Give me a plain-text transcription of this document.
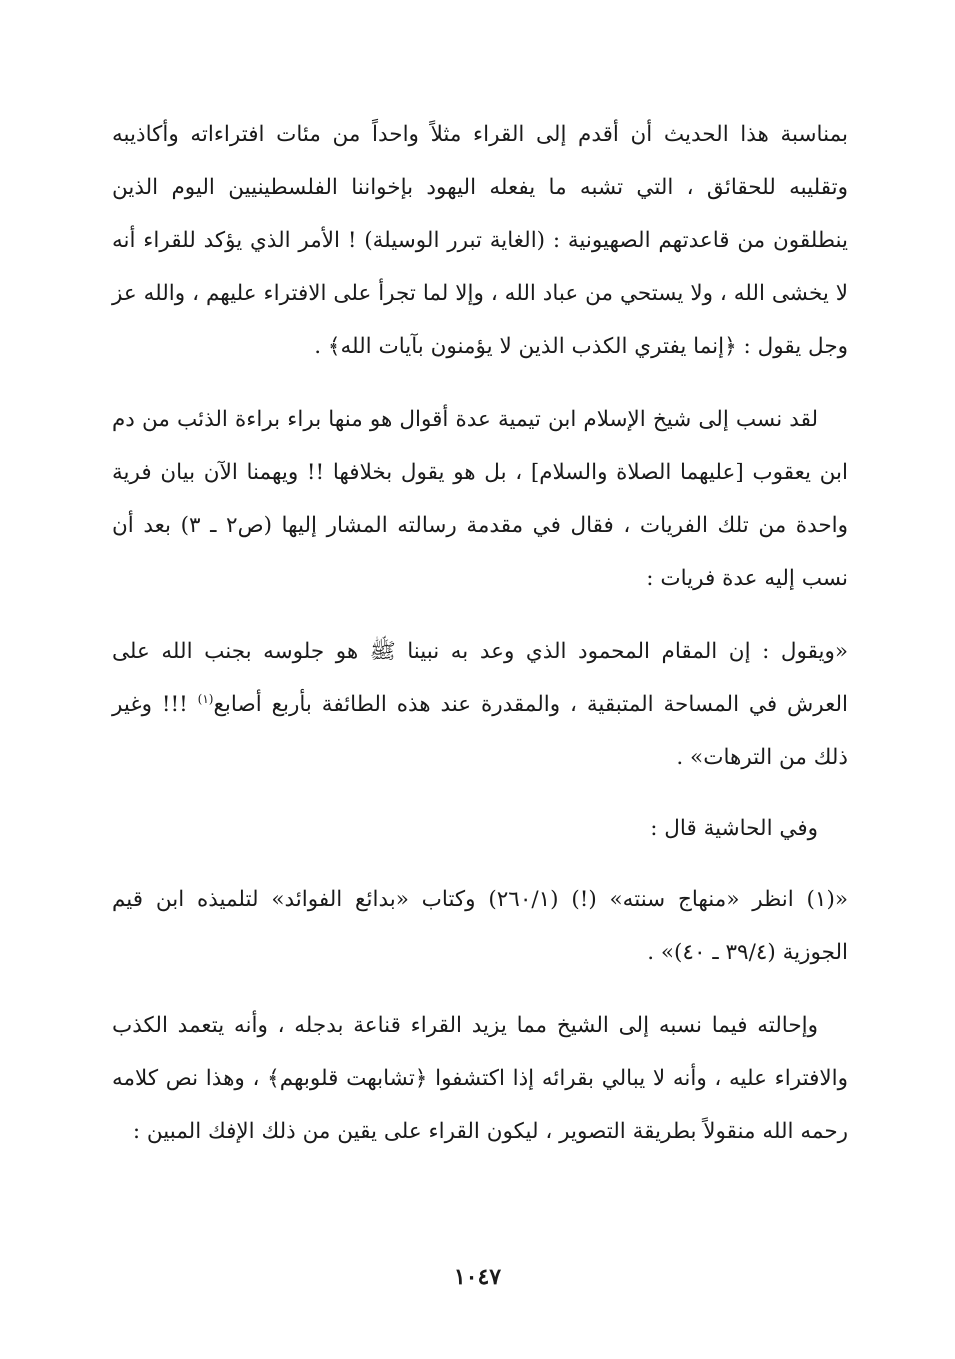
بمناسبة هذا الحديث أن أقدم إلى القراء مثلاً واحداً من مئات افتراءاته وأكاذيبه وتقليبه للحقائق ، التي تشبه ما يفعله اليهود بإخواننا الفلسطينيين اليوم الذين ينطلقون من قاعدتهم الصهيونية : (الغاية تبرر الوسيلة) ! الأمر الذي يؤكد للقراء أنه لا يخشى الله ، ولا يستحي من عباد الله ، وإلا لما تجرأ على الافتراء عليهم ، والله عز وجل يقول : ﴿إنما يفتري الكذب الذين لا يؤمنون بآيات الله﴾ .

لقد نسب إلى شيخ الإسلام ابن تيمية عدة أقوال هو منها براء براءة الذئب من دم ابن يعقوب [عليهما الصلاة والسلام] ، بل هو يقول بخلافها !! ويهمنا الآن بيان فرية واحدة من تلك الفريات ، فقال في مقدمة رسالته المشار إليها (ص٢ ـ ٣) بعد أن نسب إليه عدة فريات :

«ويقول : إن المقام المحمود الذي وعد به نبينا ﷺ هو جلوسه بجنب الله على العرش في المساحة المتبقية ، والمقدرة عند هذه الطائفة بأربع أصابع$^{(١)}$ !!! وغير ذلك من الترهات» .

وفي الحاشية قال :

«(١) انظر «منهاج سنته» (!) (٢٦٠/١) وكتاب «بدائع الفوائد» لتلميذه ابن قيم الجوزية (٣٩/٤ ـ ٤٠)» .

وإحالته فيما نسبه إلى الشيخ مما يزيد القراء قناعة بدجله ، وأنه يتعمد الكذب والافتراء عليه ، وأنه لا يبالي بقرائه إذا اكتشفوا ﴿تشابهت قلوبهم﴾ ، وهذا نص كلامه رحمه الله منقولاً بطريقة التصوير ، ليكون القراء على يقين من ذلك الإفك المبين :

١٠٤٧
